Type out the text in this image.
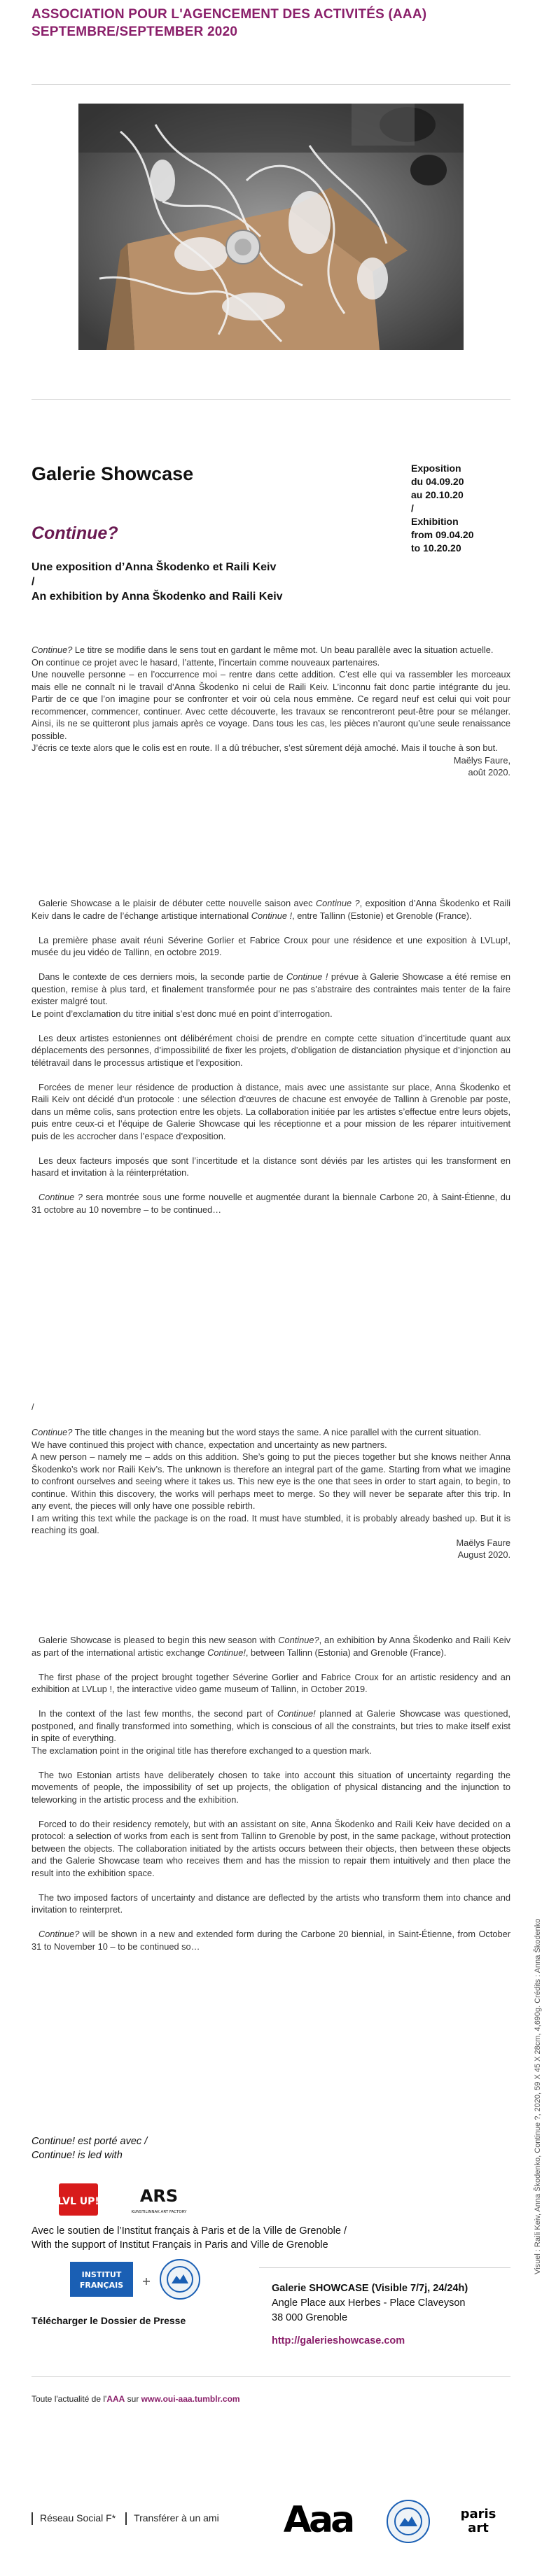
ASSOCIATION POUR L'AGENCEMENT DES ACTIVITÉS (AAA)
SEPTEMBRE/SEPTEMBER 2020
Galerie Showcase	Exposition
du 04.09.20
au 20.10.20
/
Exhibition
from 09.04.20
to 10.20.20
Continue?
Une exposition d’Anna Škodenko et Raili Keiv
/
An exhibition by Anna Škodenko and Raili Keiv

Continue? Le titre se modifie dans le sens tout en gardant le même mot. Un beau parallèle avec la situation actuelle.

On continue ce projet avec le hasard, l’attente, l’incertain comme nouveaux partenaires.

Une nouvelle personne – en l’occurrence moi – rentre dans cette addition. C’est elle qui va rassembler les morceaux mais elle ne connaît ni le travail d’Anna Škodenko ni celui de Raili Keiv. L’inconnu fait donc partie intégrante du jeu. Partir de ce que l’on imagine pour se confronter et voir où cela nous emmène. Ce regard neuf est celui qui voit pour recommencer, commencer, continuer. Avec cette découverte, les travaux se rencontreront peut-être pour se mélanger. Ainsi, ils ne se quitteront plus jamais après ce voyage. Dans tous les cas, les pièces n’auront qu’une seule renaissance possible.

J’écris ce texte alors que le colis est en route. Il a dû trébucher, s’est sûrement déjà amoché. Mais il touche à son but.

Maëlys Faure,

août 2020.

Galerie Showcase a le plaisir de débuter cette nouvelle saison avec Continue ?, exposition d’Anna Škodenko et Raili Keiv dans le cadre de l’échange artistique international Continue !, entre Tallinn (Estonie) et Grenoble (France).

La première phase avait réuni Séverine Gorlier et Fabrice Croux pour une résidence et une exposition à LVLup!, musée du jeu vidéo de Tallinn, en octobre 2019.

Dans le contexte de ces derniers mois, la seconde partie de Continue ! prévue à Galerie Showcase a été remise en question, remise à plus tard, et finalement transformée pour ne pas s’abstraire des contraintes mais tenter de la faire exister malgré tout.

Le point d’exclamation du titre initial s’est donc mué en point d’interrogation.

Les deux artistes estoniennes ont délibérément choisi de prendre en compte cette situation d’incertitude quant aux déplacements des personnes, d’impossibilité de fixer les projets, d’obligation de distanciation physique et d’injonction au télétravail dans le processus artistique et l’exposition.

Forcées de mener leur résidence de production à distance, mais avec une assistante sur place, Anna Škodenko et Raili Keiv ont décidé d’un protocole : une sélection d’œuvres de chacune est envoyée de Tallinn à Grenoble par poste, dans un même colis, sans protection entre les objets. La collaboration initiée par les artistes s’effectue entre leurs objets, puis entre ceux-ci et l’équipe de Galerie Showcase qui les réceptionne et a pour mission de les réparer intuitivement puis de les accrocher dans l’espace d’exposition.

Les deux facteurs imposés que sont l’incertitude et la distance sont déviés par les artistes qui les transforment en hasard et invitation à la réinterprétation.

Continue ? sera montrée sous une forme nouvelle et augmentée durant la biennale Carbone 20, à Saint-Étienne, du 31 octobre au 10 novembre – to be continued…

/

Continue? The title changes in the meaning but the word stays the same. A nice parallel with the current situation.

We have continued this project with chance, expectation and uncertainty as new partners.

A new person – namely me – adds on this addition. She’s going to put the pieces together but she knows neither Anna Škodenko’s work nor Raili Keiv’s. The unknown is therefore an integral part of the game. Starting from what we imagine to confront ourselves and seeing where it takes us. This new eye is the one that sees in order to start again, to begin, to continue. Within this discovery, the works will perhaps meet to merge. So they will never be separate after this trip. In any event, the pieces will only have one possible rebirth.

I am writing this text while the package is on the road. It must have stumbled, it is probably already bashed up. But it is reaching its goal.

Maëlys Faure

August 2020.

Galerie Showcase is pleased to begin this new season with Continue?, an exhibition by Anna Škodenko and Raili Keiv as part of the international artistic exchange Continue!, between Tallinn (Estonia) and Grenoble (France).

The first phase of the project brought together Séverine Gorlier and Fabrice Croux for an artistic residency and an exhibition at LVLup !, the interactive video game museum of Tallinn, in October 2019.

In the context of the last few months, the second part of Continue! planned at Galerie Showcase was questioned, postponed, and finally transformed into something, which is conscious of all the constraints, but tries to make itself exist in spite of everything.

The exclamation point in the original title has therefore exchanged to a question mark.

The two Estonian artists have deliberately chosen to take into account this situation of uncertainty regarding the movements of people, the impossibility of set up projects, the obligation of physical distancing and the injunction to teleworking in the artistic process and the exhibition.

Forced to do their residency remotely, but with an assistant on site, Anna Škodenko and Raili Keiv have decided on a protocol: a selection of works from each is sent from Tallinn to Grenoble by post, in the same package, without protection between the objects. The collaboration initiated by the artists occurs between their objects, then between these objects and the Galerie Showcase team who receives them and has the mission to repair them intuitively and then place the result into the exhibition space.

The two imposed factors of uncertainty and distance are deflected by the artists who transform them into chance and invitation to reinterpret.

Continue? will be shown in a new and extended form during the Carbone 20 biennial, in Saint-Étienne, from October 31 to November 10 – to be continued so…

Continue! est porté avec /
Continue! is led with
LVL UP! ARS
KUNSTILINNAK ART FACTORY
Avec le soutien de l’Institut français à Paris et de la Ville de Grenoble /
With the support of Institut Français in Paris and Ville de Grenoble
INSTITUT
FRANÇAIS
Visuel : Raili Keiv, Anna Škodenko, Continue ?, 2020, 59 X 45 X 28cm, 4,690g. Crédits : Anna Škodenko
Télécharger le Dossier de Presse
Galerie SHOWCASE (Visible 7/7j, 24/24h)
Angle Place aux Herbes - Place Claveyson
38 000 Grenoble
http://galerieshowcase.com
Toute l'actualité de l'AAA sur www.oui-aaa.tumblr.com
Réseau Social F* Transférer à un ami Aaa	paris
art
